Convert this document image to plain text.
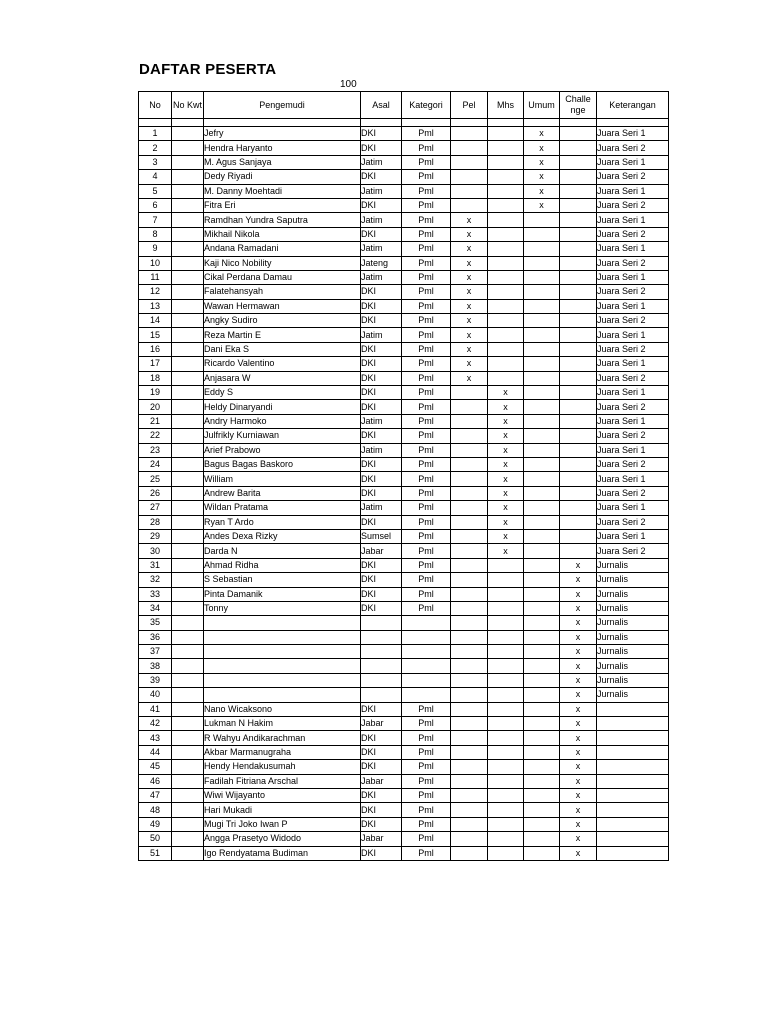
DAFTAR PESERTA
100
No	No Kwt	Pengemudi	Asal	Kategori	Pel	Mhs	Umum	Challe nge	Keterangan

1		Jefry	DKI	Pml			x		Juara Seri 1
2		Hendra Haryanto	DKI	Pml			x		Juara Seri 2
3		M. Agus Sanjaya	Jatim	Pml			x		Juara Seri 1
4		Dedy Riyadi	DKI	Pml			x		Juara Seri 2
5		M. Danny Moehtadi	Jatim	Pml			x		Juara Seri 1
6		Fitra Eri	DKI	Pml			x		Juara Seri 2
7		Ramdhan Yundra Saputra	Jatim	Pml	x				Juara Seri 1
8		Mikhail Nikola	DKI	Pml	x				Juara Seri 2
9		Andana Ramadani	Jatim	Pml	x				Juara Seri 1
10		Kaji Nico Nobility	Jateng	Pml	x				Juara Seri 2
11		Cikal Perdana Damau	Jatim	Pml	x				Juara Seri 1
12		Falatehansyah	DKI	Pml	x				Juara Seri 2
13		Wawan Hermawan	DKI	Pml	x				Juara Seri 1
14		Angky Sudiro	DKI	Pml	x				Juara Seri 2
15		Reza Martin E	Jatim	Pml	x				Juara Seri 1
16		Dani Eka S	DKI	Pml	x				Juara Seri 2
17		Ricardo Valentino	DKI	Pml	x				Juara Seri 1
18		Anjasara W	DKI	Pml	x				Juara Seri 2
19		Eddy S	DKI	Pml		x			Juara Seri 1
20		Heldy Dinaryandi	DKI	Pml		x			Juara Seri 2
21		Andry Harmoko	Jatim	Pml		x			Juara Seri 1
22		Julfrikly Kurniawan	DKI	Pml		x			Juara Seri 2
23		Arief Prabowo	Jatim	Pml		x			Juara Seri 1
24		Bagus Bagas Baskoro	DKI	Pml		x			Juara Seri 2
25		William	DKI	Pml		x			Juara Seri 1
26		Andrew Barita	DKI	Pml		x			Juara Seri 2
27		Wildan Pratama	Jatim	Pml		x			Juara Seri 1
28		Ryan T Ardo	DKI	Pml		x			Juara Seri 2
29		Andes Dexa Rizky	Sumsel	Pml		x			Juara Seri 1
30		Darda N	Jabar	Pml		x			Juara Seri 2
31		Ahmad Ridha	DKI	Pml				x	Jurnalis
32		S Sebastian	DKI	Pml				x	Jurnalis
33		Pinta Damanik	DKI	Pml				x	Jurnalis
34		Tonny	DKI	Pml				x	Jurnalis
35								x	Jurnalis
36								x	Jurnalis
37								x	Jurnalis
38								x	Jurnalis
39								x	Jurnalis
40								x	Jurnalis
41		Nano Wicaksono	DKI	Pml				x	
42		Lukman N Hakim	Jabar	Pml				x	
43		R Wahyu Andikarachman	DKI	Pml				x	
44		Akbar Marmanugraha	DKI	Pml				x	
45		Hendy Hendakusumah	DKI	Pml				x	
46		Fadilah Fitriana Arschal	Jabar	Pml				x	
47		Wiwi Wijayanto	DKI	Pml				x	
48		Hari Mukadi	DKI	Pml				x	
49		Mugi Tri Joko Iwan P	DKI	Pml				x	
50		Angga Prasetyo Widodo	Jabar	Pml				x	
51		Igo Rendyatama Budiman	DKI	Pml				x	
